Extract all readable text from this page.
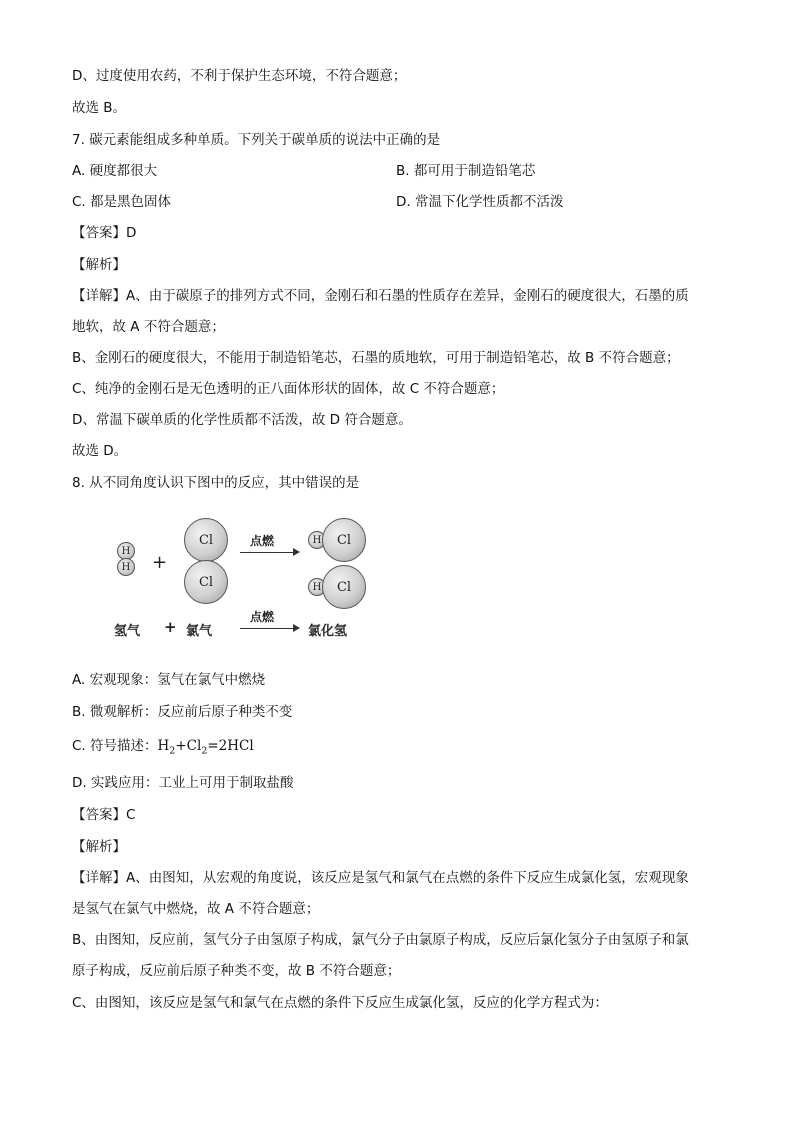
D、过度使用农药，不利于保护生态环境，不符合题意；
故选 B。
7. 碳元素能组成多种单质。下列关于碳单质的说法中正确的是
A. 硬度都很大	B. 都可用于制造铅笔芯
C. 都是黑色固体	D. 常温下化学性质都不活泼
【答案】D
【解析】
【详解】A、由于碳原子的排列方式不同，金刚石和石墨的性质存在差异，金刚石的硬度很大，石墨的质
地软，故 A 不符合题意；
B、金刚石的硬度很大，不能用于制造铅笔芯，石墨的质地软，可用于制造铅笔芯，故 B 不符合题意；
C、纯净的金刚石是无色透明的正八面体形状的固体，故 C 不符合题意；
D、常温下碳单质的化学性质都不活泼，故 D 符合题意。
故选 D。
8. 从不同角度认识下图中的反应，其中错误的是
H
H +
Cl
Cl
点燃	H	Cl
H	Cl
氢气 + 氯气
点燃
→ 氯化氢
A. 宏观现象：氢气在氯气中燃烧
B. 微观解析：反应前后原子种类不变
C. 符号描述：$H_2+Cl_2=2HCl$
D. 实践应用：工业上可用于制取盐酸
【答案】C
【解析】
【详解】A、由图知，从宏观的角度说，该反应是氢气和氯气在点燃的条件下反应生成氯化氢，宏观现象
是氢气在氯气中燃烧，故 A 不符合题意；
B、由图知，反应前，氢气分子由氢原子构成，氯气分子由氯原子构成，反应后氯化氢分子由氢原子和氯
原子构成，反应前后原子种类不变，故 B 不符合题意；
C、由图知，该反应是氢气和氯气在点燃的条件下反应生成氯化氢，反应的化学方程式为：
